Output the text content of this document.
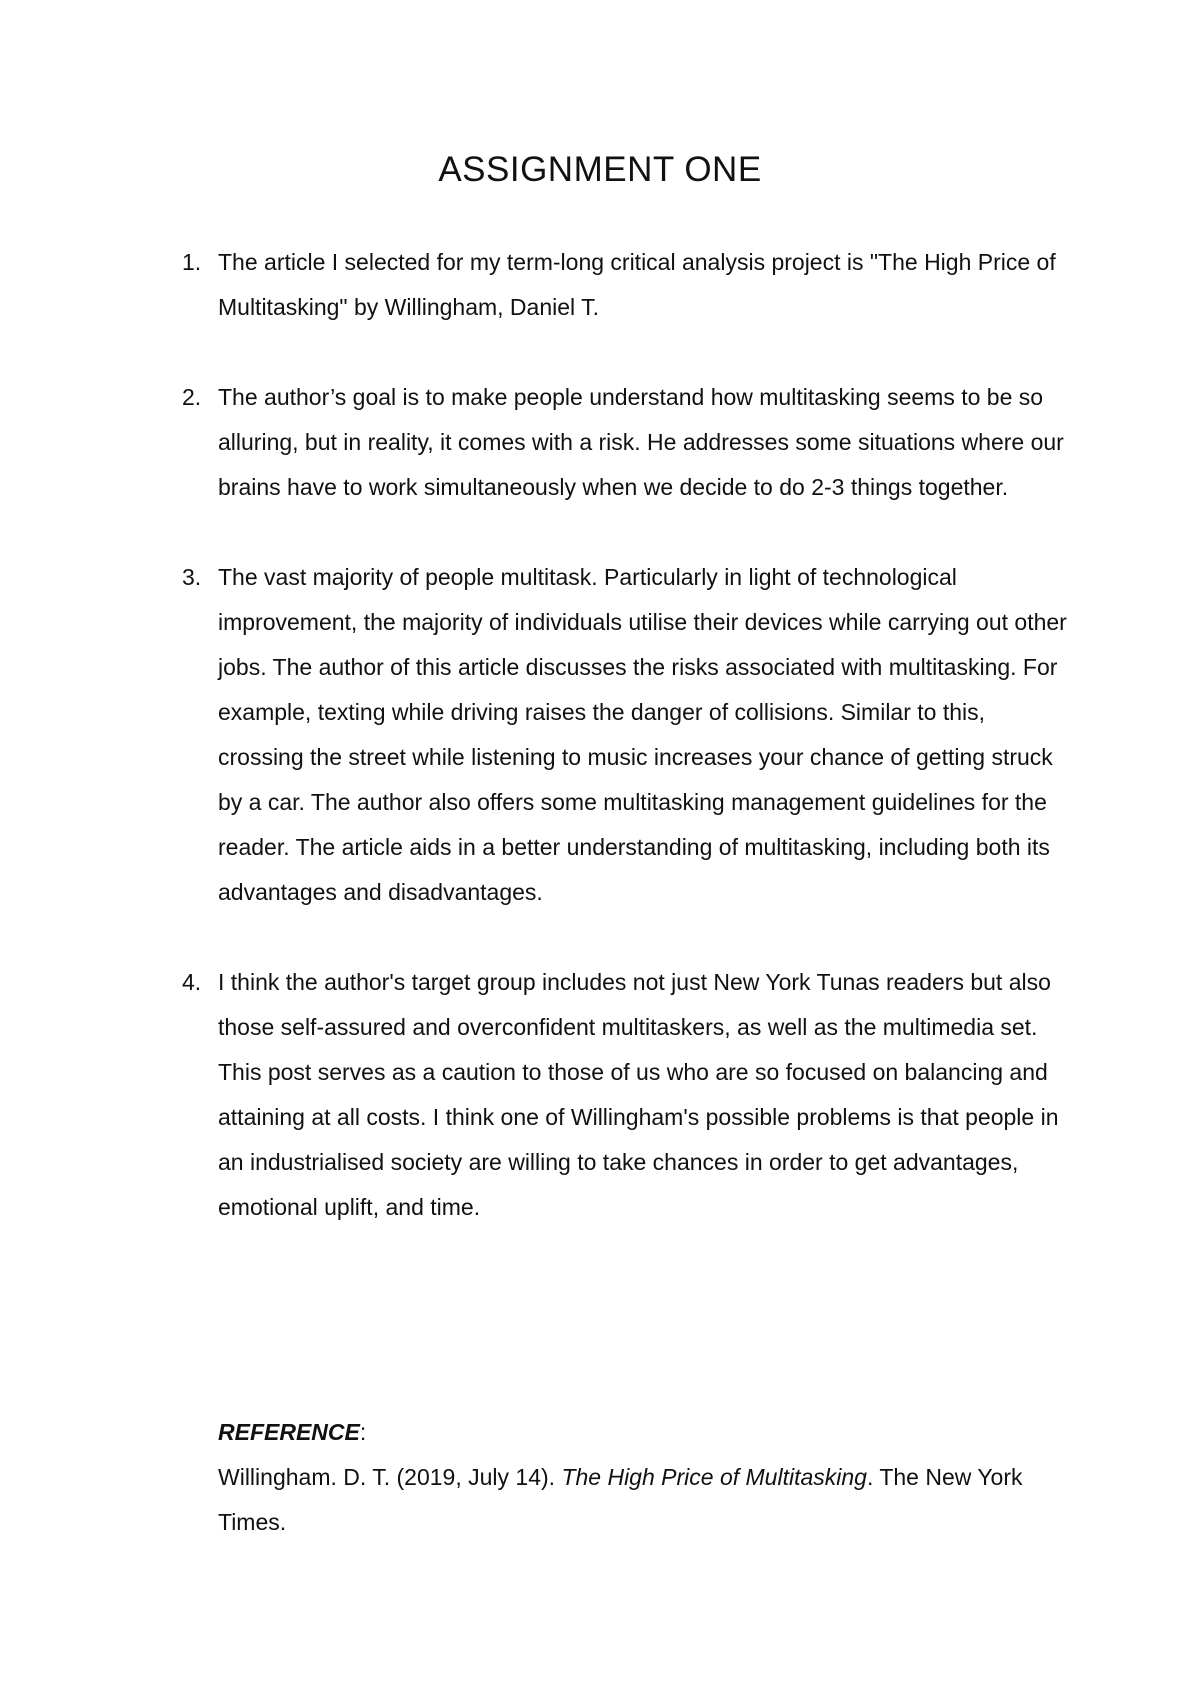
ASSIGNMENT ONE
1. The article I selected for my term-long critical analysis project is "The High Price of Multitasking" by Willingham, Daniel T.
2. The author’s goal is to make people understand how multitasking seems to be so alluring, but in reality, it comes with a risk. He addresses some situations where our brains have to work simultaneously when we decide to do 2-3 things together.
3. The vast majority of people multitask. Particularly in light of technological improvement, the majority of individuals utilise their devices while carrying out other jobs. The author of this article discusses the risks associated with multitasking. For example, texting while driving raises the danger of collisions. Similar to this, crossing the street while listening to music increases your chance of getting struck by a car. The author also offers some multitasking management guidelines for the reader. The article aids in a better understanding of multitasking, including both its advantages and disadvantages.
4. I think the author's target group includes not just New York Tunas readers but also those self-assured and overconfident multitaskers, as well as the multimedia set. This post serves as a caution to those of us who are so focused on balancing and attaining at all costs. I think one of Willingham's possible problems is that people in an industrialised society are willing to take chances in order to get advantages, emotional uplift, and time.
REFERENCE:
Willingham. D. T. (2019, July 14). The High Price of Multitasking. The New York Times.
